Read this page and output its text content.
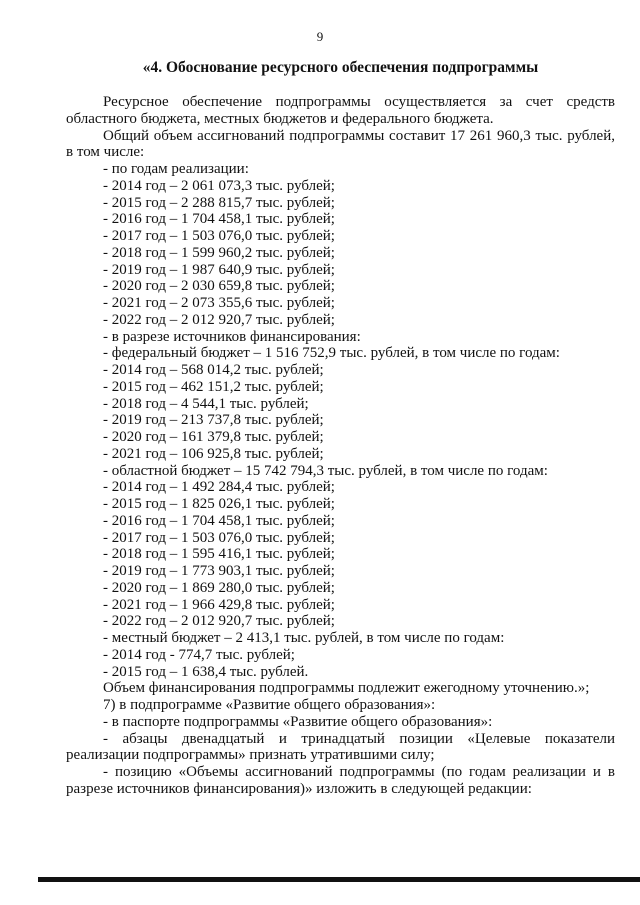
9
«4. Обоснование ресурсного обеспечения подпрограммы

Ресурсное обеспечение подпрограммы осуществляется за счет средств областного бюджета, местных бюджетов и федерального бюджета.

Общий объем ассигнований подпрограммы составит 17 261 960,3 тыс. рублей, в том числе:

- по годам реализации:

- 2014 год – 2 061 073,3 тыс. рублей;

- 2015 год – 2 288 815,7 тыс. рублей;

- 2016 год – 1 704 458,1 тыс. рублей;

- 2017 год – 1 503 076,0 тыс. рублей;

- 2018 год – 1 599 960,2 тыс. рублей;

- 2019 год – 1 987 640,9 тыс. рублей;

- 2020 год – 2 030 659,8 тыс. рублей;

- 2021 год – 2 073 355,6 тыс. рублей;

- 2022 год – 2 012 920,7 тыс. рублей;

- в разрезе источников финансирования:

- федеральный бюджет – 1 516 752,9 тыс. рублей, в том числе по годам:

- 2014 год – 568 014,2 тыс. рублей;

- 2015 год – 462 151,2 тыс. рублей;

- 2018 год – 4 544,1 тыс. рублей;

- 2019 год – 213 737,8 тыс. рублей;

- 2020 год – 161 379,8 тыс. рублей;

- 2021 год – 106 925,8 тыс. рублей;

- областной бюджет – 15 742 794,3 тыс. рублей, в том числе по годам:

- 2014 год – 1 492 284,4 тыс. рублей;

- 2015 год – 1 825 026,1 тыс. рублей;

- 2016 год – 1 704 458,1 тыс. рублей;

- 2017 год – 1 503 076,0 тыс. рублей;

- 2018 год – 1 595 416,1 тыс. рублей;

- 2019 год – 1 773 903,1 тыс. рублей;

- 2020 год – 1 869 280,0 тыс. рублей;

- 2021 год – 1 966 429,8 тыс. рублей;

- 2022 год – 2 012 920,7 тыс. рублей;

- местный бюджет – 2 413,1 тыс. рублей, в том числе по годам:

- 2014 год - 774,7 тыс. рублей;

- 2015 год – 1 638,4 тыс. рублей.

Объем финансирования подпрограммы подлежит ежегодному уточнению.»;

7) в подпрограмме «Развитие общего образования»:

- в паспорте подпрограммы «Развитие общего образования»:

- абзацы двенадцатый и тринадцатый позиции «Целевые показатели реализации подпрограммы» признать утратившими силу;

- позицию «Объемы ассигнований подпрограммы (по годам реализации и в разрезе источников финансирования)» изложить в следующей редакции:
